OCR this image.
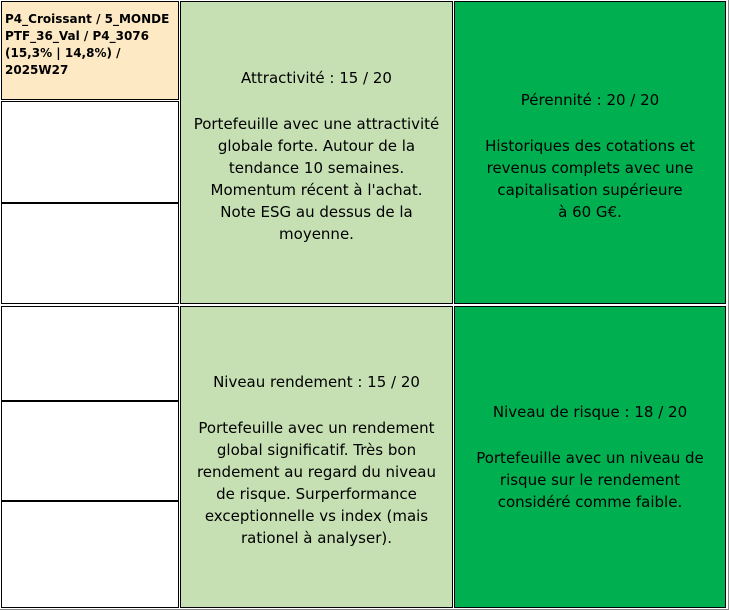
P4_Croissant / 5_MONDE PTF_36_Val / P4_3076 (15,3% | 14,8%) / 2025W27	Attractivité : 15 / 20
Portefeuille avec une attractivité
globale forte. Autour de la
tendance 10 semaines.
Momentum récent à l'achat.
Note ESG au dessus de la
moyenne.
Pérennité : 20 / 20
Historiques des cotations et
revenus complets avec une
capitalisation supérieure
à 60 G€.
Niveau rendement : 15 / 20
Portefeuille avec un rendement
global significatif. Très bon
rendement au regard du niveau
de risque. Surperformance
exceptionnelle vs index (mais
rationel à analyser).
Niveau de risque : 18 / 20
Portefeuille avec un niveau de
risque sur le rendement
considéré comme faible.
